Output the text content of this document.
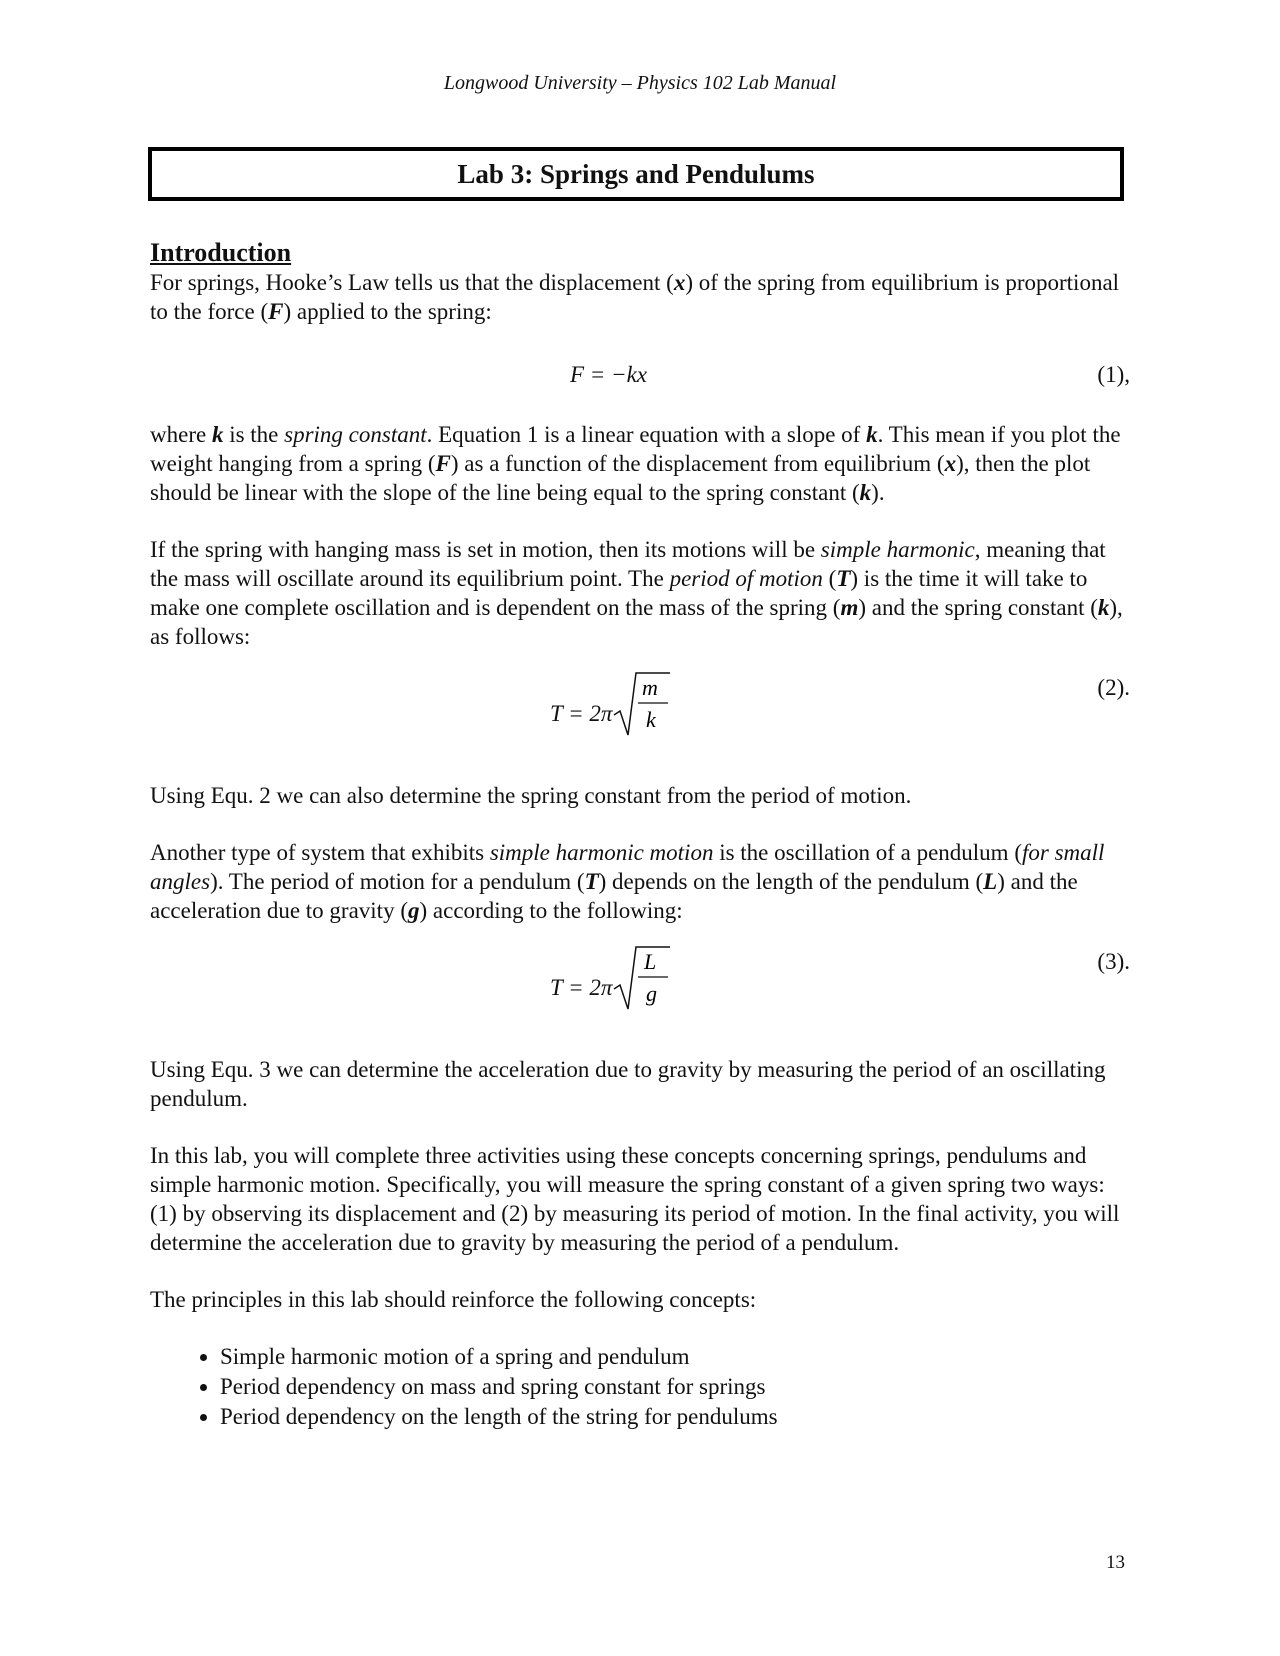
Longwood University – Physics 102 Lab Manual
Lab 3: Springs and Pendulums
Introduction

For springs, Hooke’s Law tells us that the displacement (x) of the spring from equilibrium is proportional to the force (F) applied to the spring:

F = −kx	(1),

where k is the spring constant. Equation 1 is a linear equation with a slope of k. This mean if you plot the weight hanging from a spring (F) as a function of the displacement from equilibrium (x), then the plot should be linear with the slope of the line being equal to the spring constant (k).

If the spring with hanging mass is set in motion, then its motions will be simple harmonic, meaning that the mass will oscillate around its equilibrium point. The period of motion (T) is the time it will take to make one complete oscillation and is dependent on the mass of the spring (m) and the spring constant (k), as follows:

T = 2π
m
k
(2).

Using Equ. 2 we can also determine the spring constant from the period of motion.

Another type of system that exhibits simple harmonic motion is the oscillation of a pendulum (for small angles). The period of motion for a pendulum (T) depends on the length of the pendulum (L) and the acceleration due to gravity (g) according to the following:

T = 2π
L
g
(3).

Using Equ. 3 we can determine the acceleration due to gravity by measuring the period of an oscillating pendulum.

In this lab, you will complete three activities using these concepts concerning springs, pendulums and simple harmonic motion. Specifically, you will measure the spring constant of a given spring two ways: (1) by observing its displacement and (2) by measuring its period of motion. In the final activity, you will determine the acceleration due to gravity by measuring the period of a pendulum.

The principles in this lab should reinforce the following concepts:

• Simple harmonic motion of a spring and pendulum
• Period dependency on mass and spring constant for springs
• Period dependency on the length of the string for pendulums
13
